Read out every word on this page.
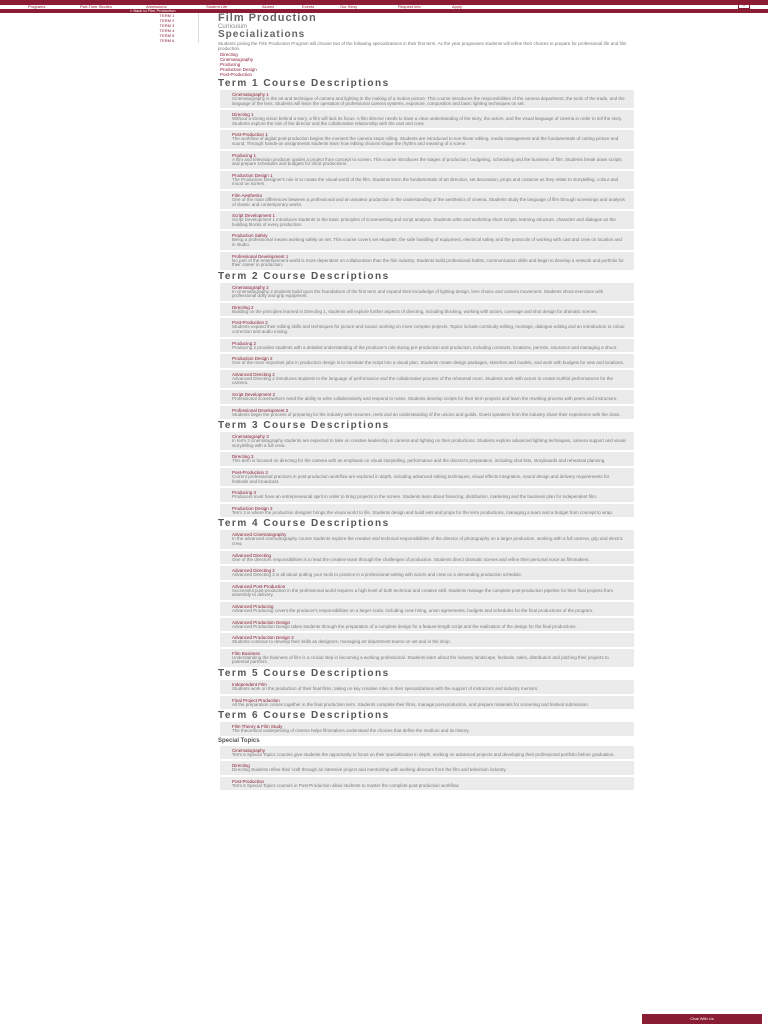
Programs	Part-Time Studies	Admissions	Student Life	Alumni	Events	Our Story	Request Info	Apply	X
« Back to Film Production
TERM 1
TERM 2
TERM 3
TERM 4
TERM 5
TERM 6
Film Production
Curriculum
Specializations
Students joining the Film Production Program will choose two of the following specializations in their first term. As the year progresses students will refine their choices to prepare for professional life and film production.
Directing
Cinematography
Producing
Production Design
Post-Production
Term 1 Course Descriptions
Cinematography 1
Cinematography is the art and technique of camera and lighting in the making of a motion picture. This course introduces the responsibilities of the camera department, the tools of the trade, and the language of the lens. Students will learn the operation of professional camera systems, exposure, composition and basic lighting techniques on set.
Directing 1
Without a strong vision behind a story, a film will lack its focus. A film director needs to have a clear understanding of the story, the actors, and the visual language of cinema in order to tell the story. Students explore the role of the director and the collaborative relationship with the cast and crew.
Post-Production 1
The workflow of digital post-production begins the moment the camera stops rolling. Students are introduced to non-linear editing, media management and the fundamentals of cutting picture and sound. Through hands-on assignments students learn how editing choices shape the rhythm and meaning of a scene.
Producing 1
A film and television producer guides a project from concept to screen. This course introduces the stages of production, budgeting, scheduling and the business of film. Students break down scripts and prepare schedules and budgets for short productions.
Production Design 1
The Production Designer's role is to create the visual world of the film. Students learn the fundamentals of art direction, set decoration, props and costume as they relate to storytelling, colour and mood on screen.
Film Aesthetics
One of the main differences between a professional and an amateur production is the understanding of the aesthetics of cinema. Students study the language of film through screenings and analysis of classic and contemporary works.
Script Development 1
Script Development 1 introduces students to the basic principles of screenwriting and script analysis. Students write and workshop short scripts, learning structure, character and dialogue as the building blocks of every production.
Production Safety
Being a professional means working safely on set. This course covers set etiquette, the safe handling of equipment, electrical safety and the protocols of working with cast and crew on location and in studio.
Professional Development 1
No part of the entertainment world is more dependent on collaboration than the film industry. Students build professional habits, communication skills and begin to develop a network and portfolio for their career in production.
Term 2 Course Descriptions
Cinematography 2
In cinematography 2 students build upon the foundations of the first term and expand their knowledge of lighting design, lens choice and camera movement. Students shoot exercises with professional dolly and grip equipment.
Directing 2
Building on the principles learned in Directing 1, students will explore further aspects of directing, including blocking, working with actors, coverage and shot design for dramatic scenes.
Post-Production 2
Students expand their editing skills and techniques for picture and sound, working on more complex projects. Topics include continuity editing, montage, dialogue editing and an introduction to colour correction and audio mixing.
Producing 2
Producing 2 provides students with a detailed understanding of the producer's role during pre-production and production, including contracts, locations, permits, insurance and managing a shoot.
Production Design 2
One of the more important jobs in production design is to translate the script into a visual plan. Students create design packages, sketches and models, and work with budgets for sets and locations.
Advanced Directing 2
Advanced Directing 2 introduces students to the language of performance and the collaborative process of the rehearsal room. Students work with actors to create truthful performances for the camera.
Script Development 2
Professional screenwriters need the ability to write collaboratively and respond to notes. Students develop scripts for their term projects and learn the rewriting process with peers and instructors.
Professional Development 2
Students begin the process of preparing for the industry with resumes, reels and an understanding of the unions and guilds. Guest speakers from the industry share their experience with the class.
Term 3 Course Descriptions
Cinematography 3
In term 3 cinematography students are expected to take on creative leadership in camera and lighting on their productions. Students explore advanced lighting techniques, camera support and visual storytelling with a full crew.
Directing 3
This term is focused on directing for the camera with an emphasis on visual storytelling, performance and the director's preparation, including shot lists, storyboards and rehearsal planning.
Post-Production 3
Current professional practices in post-production workflow are explored in depth, including advanced editing techniques, visual effects integration, sound design and delivery requirements for festivals and broadcast.
Producing 3
Producers must have an entrepreneurial spirit in order to bring projects to the screen. Students learn about financing, distribution, marketing and the business plan for independent film.
Production Design 3
Term 3 is where the production designer brings the visual world to life. Students design and build sets and props for the term productions, managing a team and a budget from concept to wrap.
Term 4 Course Descriptions
Advanced Cinematography
In the advanced cinematography course students explore the creative and technical responsibilities of the director of photography on a larger production, working with a full camera, grip and electric crew.
Advanced Directing
One of the directors responsibilities is to lead the creative team through the challenges of production. Students direct dramatic scenes and refine their personal voice as filmmakers.
Advanced Directing 2
Advanced Directing 2 is all about putting your tools to practice in a professional setting with actors and crew on a demanding production schedule.
Advanced Post-Production
Successful post-production in the professional world requires a high level of both technical and creative skill. Students manage the complete post-production pipeline for their final projects from assembly to delivery.
Advanced Producing
Advanced Producing covers the producer's responsibilities on a larger scale, including crew hiring, union agreements, budgets and schedules for the final productions of the program.
Advanced Production Design
Advanced Production Design takes students through the preparation of a complete design for a feature-length script and the realization of the design for the final productions.
Advanced Production Design 2
Students continue to develop their skills as designers, managing art department teams on set and in the shop.
Film Business
Understanding the business of film is a crucial step in becoming a working professional. Students learn about the industry landscape, festivals, sales, distribution and pitching their projects to potential partners.
Term 5 Course Descriptions
Independent Film
Students work on the production of their final films, taking on key creative roles in their specializations with the support of instructors and industry mentors.
Final Project Production
All the preparation comes together in the final production term. Students complete their films, manage post-production, and prepare materials for screening and festival submission.
Term 6 Course Descriptions
Film Theory & Film Study
The theoretical underpinning of cinema helps filmmakers understand the choices that define the medium and its history.
Special Topics
Cinematography
Term 6 Special Topics courses give students the opportunity to focus on their specialization in depth, working on advanced projects and developing their professional portfolio before graduation.
Directing
Directing students refine their craft through an intensive project and mentorship with working directors from the film and television industry.
Post-Production
Term 6 Special Topics courses in Post-Production allow students to master the complete post-production workflow.
Chat With Us
